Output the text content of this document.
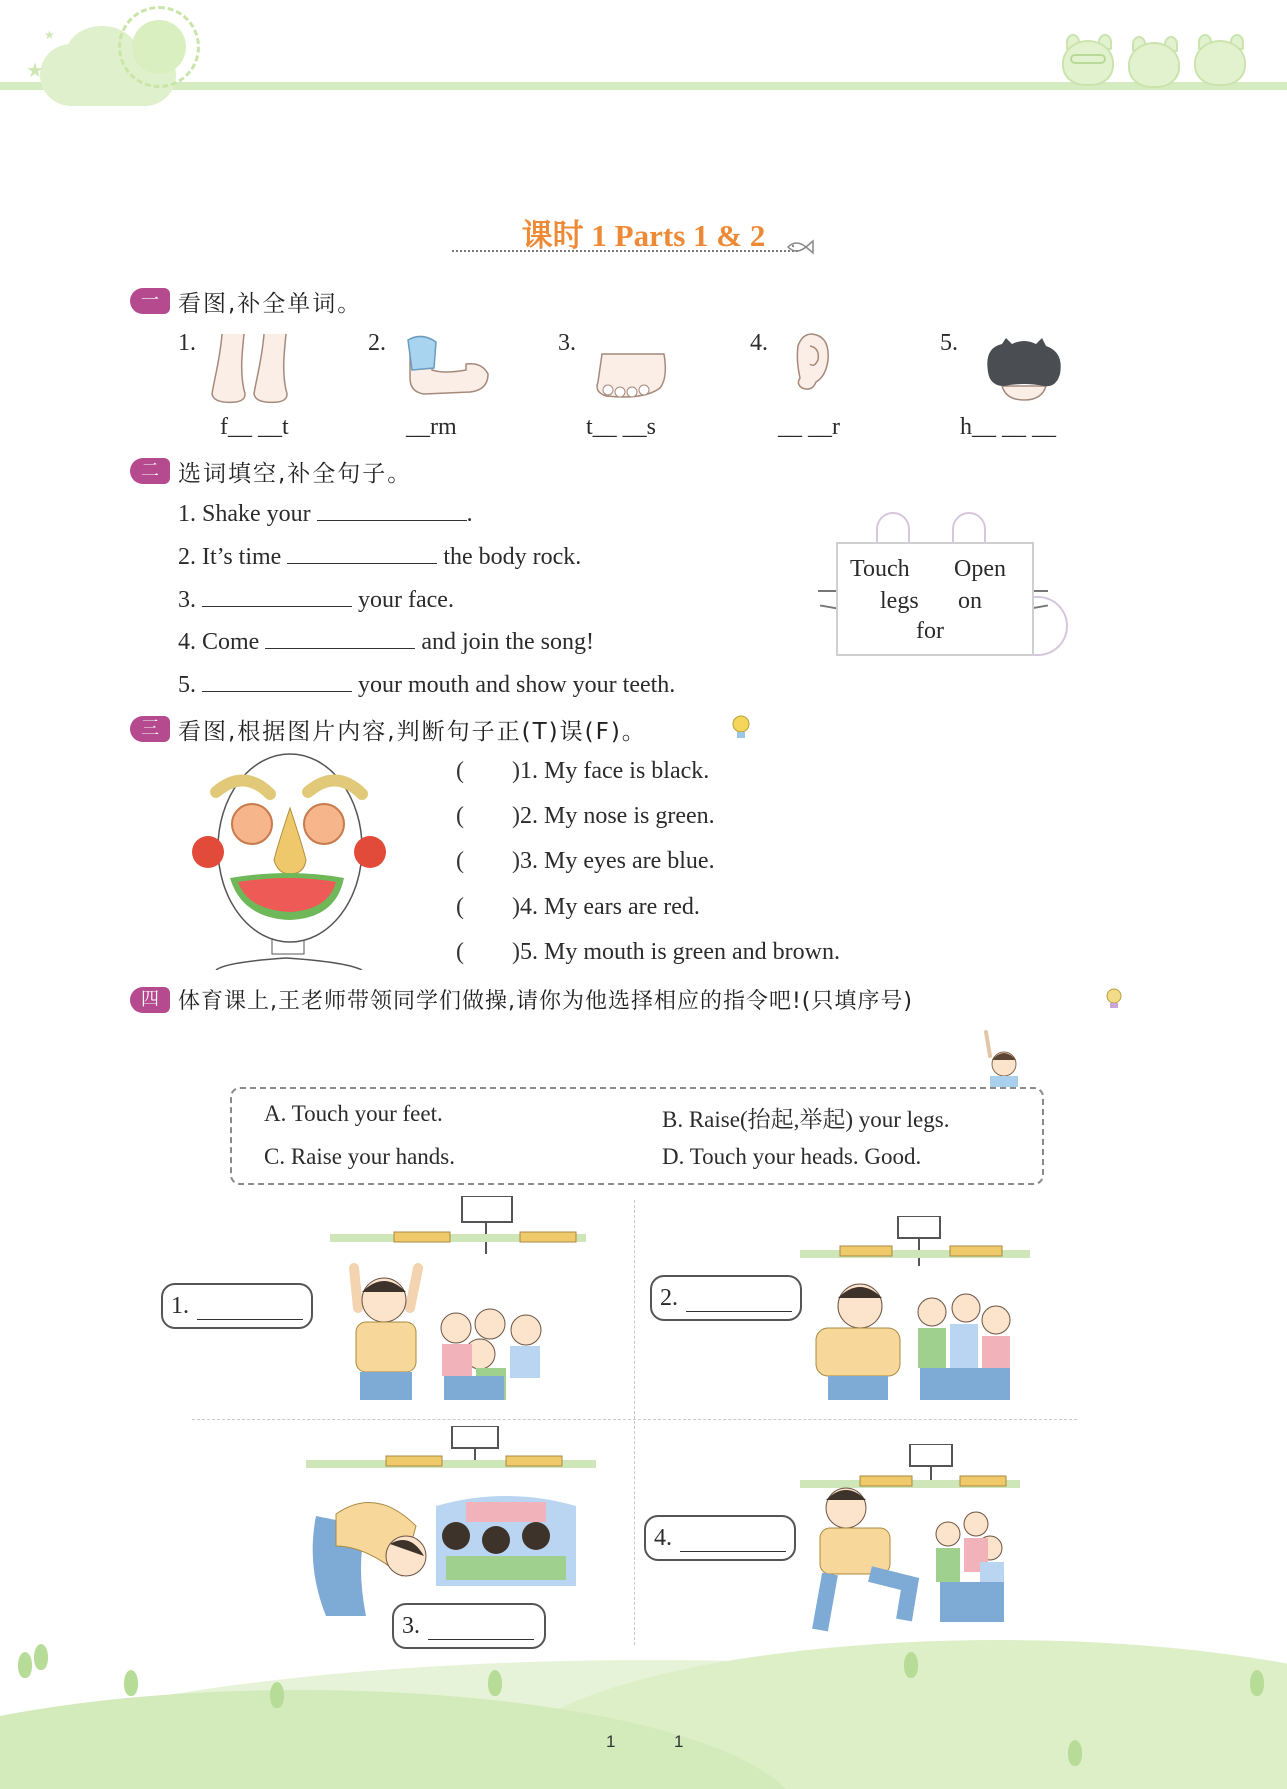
★
★
课时 1 Parts 1 & 2
一 看图,补全单词。
1.
f__ __t
2.
__rm
3.
t__ __s
4.
__ __r
5.
h__ __ __
二 选词填空,补全句子。
1. Shake your	.
2. It’s time	the body rock.
3.	your face.
4. Come	and join the song!
5.	your mouth and show your teeth.
Touch Open
legs on
for
三 看图,根据图片内容,判断句子正(T)误(F)。
(        )1. My face is black.
(        )2. My nose is green.
(        )3. My eyes are blue.
(        )4. My ears are red.
(        )5. My mouth is green and brown.
四 体育课上,王老师带领同学们做操,请你为他选择相应的指令吧!(只填序号)
A. Touch your feet.	B. Raise(抬起,举起) your legs.
C. Raise your hands.	D. Touch your heads. Good.
1.	2.
3.
4.
1	1
